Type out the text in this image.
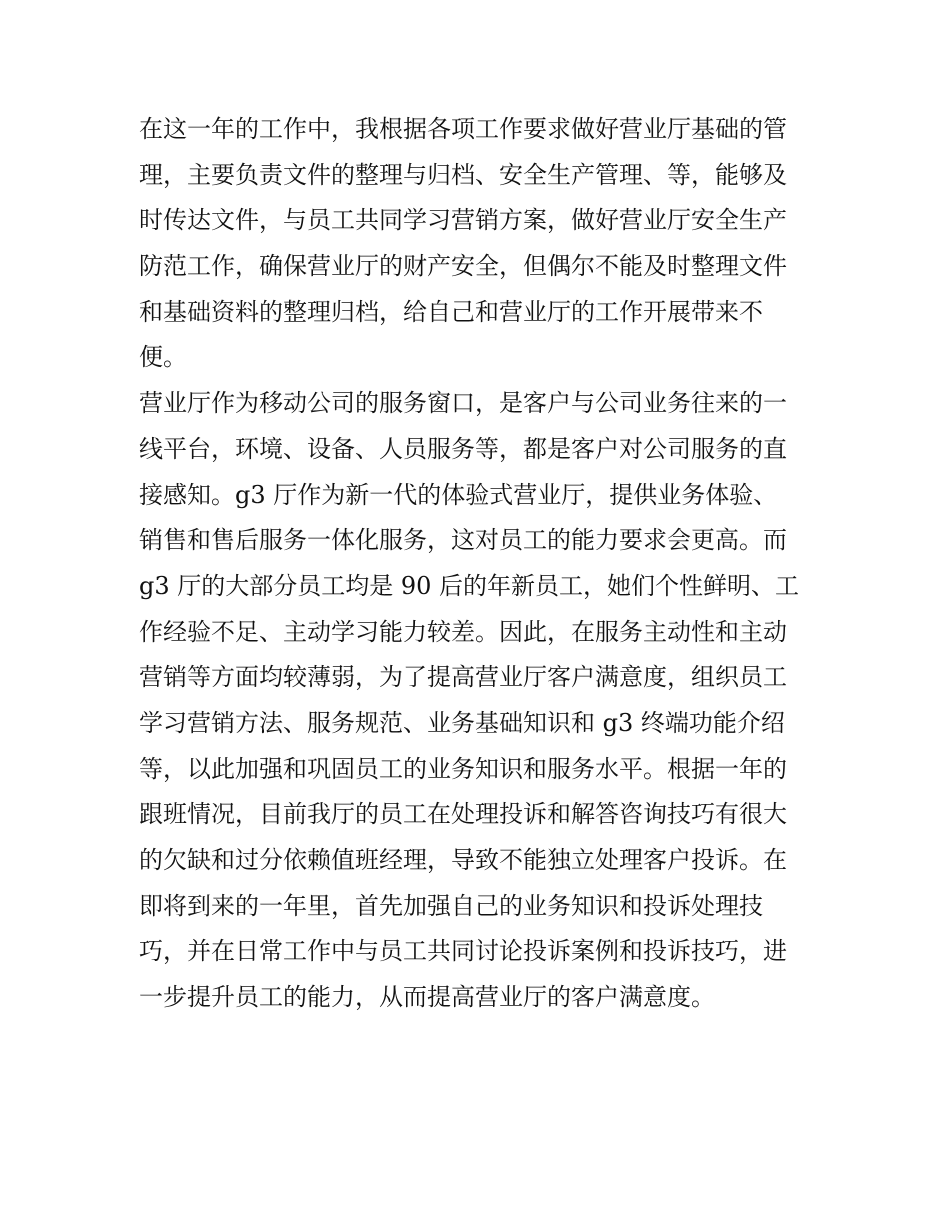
在这一年的工作中，我根据各项工作要求做好营业厅基础的管
理，主要负责文件的整理与归档、安全生产管理、等，能够及
时传达文件，与员工共同学习营销方案，做好营业厅安全生产
防范工作，确保营业厅的财产安全，但偶尔不能及时整理文件
和基础资料的整理归档，给自己和营业厅的工作开展带来不
便。
营业厅作为移动公司的服务窗口，是客户与公司业务往来的一
线平台，环境、设备、人员服务等，都是客户对公司服务的直
接感知。g3 厅作为新一代的体验式营业厅，提供业务体验、
销售和售后服务一体化服务，这对员工的能力要求会更高。而
g3 厅的大部分员工均是 90 后的年新员工，她们个性鲜明、工
作经验不足、主动学习能力较差。因此，在服务主动性和主动
营销等方面均较薄弱，为了提高营业厅客户满意度，组织员工
学习营销方法、服务规范、业务基础知识和 g3 终端功能介绍
等，以此加强和巩固员工的业务知识和服务水平。根据一年的
跟班情况，目前我厅的员工在处理投诉和解答咨询技巧有很大
的欠缺和过分依赖值班经理，导致不能独立处理客户投诉。在
即将到来的一年里，首先加强自己的业务知识和投诉处理技
巧，并在日常工作中与员工共同讨论投诉案例和投诉技巧，进
一步提升员工的能力，从而提高营业厅的客户满意度。
